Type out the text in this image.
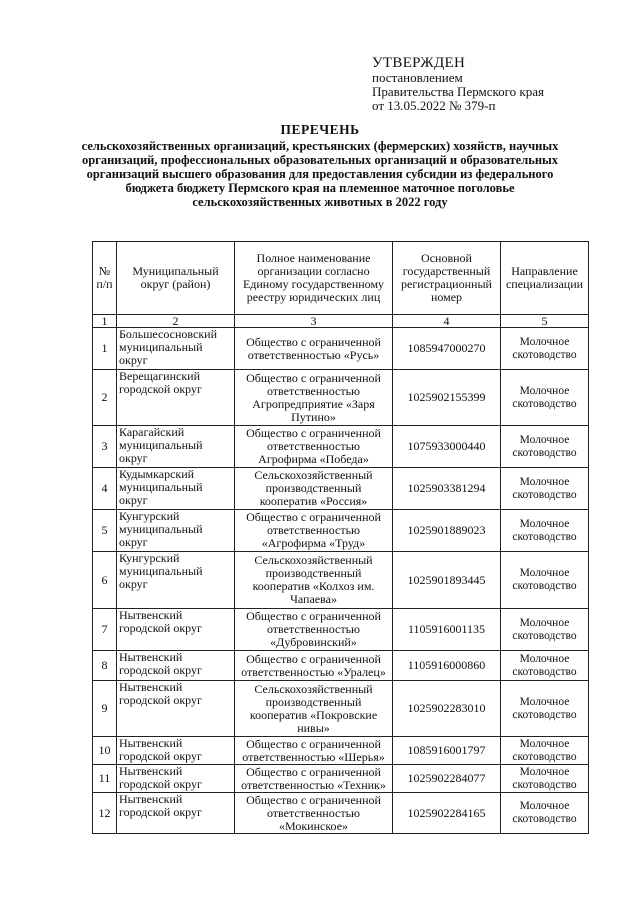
УТВЕРЖДЕН
постановлением
Правительства Пермского края
от 13.05.2022 № 379-п
ПЕРЕЧЕНЬ
сельскохозяйственных организаций, крестьянских (фермерских) хозяйств, научных организаций, профессиональных образовательных организаций и образовательных организаций высшего образования для предоставления субсидии из федерального бюджета бюджету Пермского края на племенное маточное поголовье сельскохозяйственных животных в 2022 году
№ п/п	Муниципальный округ (район)	Полное наименование организации согласно Единому государственному реестру юридических лиц	Основной государственный регистрационный номер	Направление специализации
1	2	3	4	5
1	Большесосновский муниципальный округ	Общество с ограниченной ответственностью «Русь»	1085947000270	Молочное скотоводство
2	Верещагинский городской округ	Общество с ограниченной ответственностью Агропредприятие «Заря Путино»	1025902155399	Молочное скотоводство
3	Карагайский муниципальный округ	Общество с ограниченной ответственностью Агрофирма «Победа»	1075933000440	Молочное скотоводство
4	Кудымкарский муниципальный округ	Сельскохозяйственный производственный кооператив «Россия»	1025903381294	Молочное скотоводство
5	Кунгурский муниципальный округ	Общество с ограниченной ответственностью «Агрофирма «Труд»	1025901889023	Молочное скотоводство
6	Кунгурский муниципальный округ	Сельскохозяйственный производственный кооператив «Колхоз им. Чапаева»	1025901893445	Молочное скотоводство
7	Нытвенский городской округ	Общество с ограниченной ответственностью «Дубровинский»	1105916001135	Молочное скотоводство
8	Нытвенский городской округ	Общество с ограниченной ответственностью «Уралец»	1105916000860	Молочное скотоводство
9	Нытвенский городской округ	Сельскохозяйственный производственный кооператив «Покровские нивы»	1025902283010	Молочное скотоводство
10	Нытвенский городской округ	Общество с ограниченной ответственностью «Шерья»	1085916001797	Молочное скотоводство
11	Нытвенский городской округ	Общество с ограниченной ответственностью «Техник»	1025902284077	Молочное скотоводство
12	Нытвенский городской округ	Общество с ограниченной ответственностью «Мокинское»	1025902284165	Молочное скотоводство
